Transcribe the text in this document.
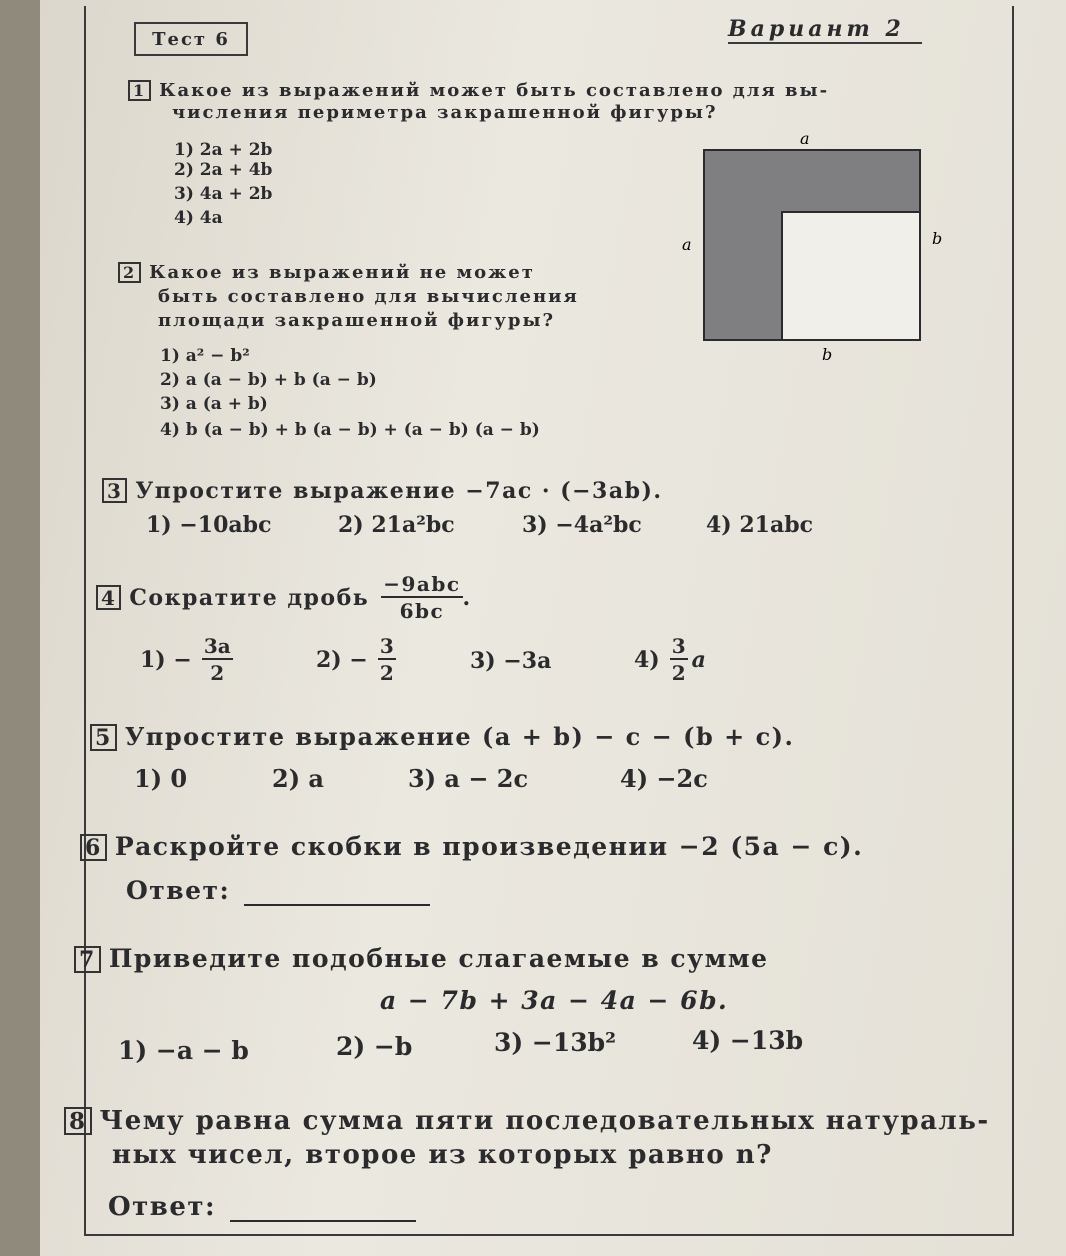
Тест 6	Вариант 2
1 Какое из выражений может быть составлено для вы-
числения периметра закрашенной фигуры?
1) 2a + 2b
2) 2a + 4b
3) 4a + 2b
4) 4a
a
a	b
b
2 Какое из выражений не может
быть составлено для вычисления
площади закрашенной фигуры?
1) a² − b²
2) a (a − b) + b (a − b)
3) a (a + b)
4) b (a − b) + b (a − b) + (a − b) (a − b)
3 Упростите выражение −7ac · (−3ab).
1) −10abc	2) 21a²bc	3) −4a²bc	4) 21abc
4 Сократите дробь $\frac{\text{−9abc}}{6bc}$ .
$1) - \frac{3a}{2}$	$2) - \frac{3}{2}$	3) −3a	$4) \frac{3}{2}$ a
5 Упростите выражение (a + b) − c − (b + c).
1) 0	2) a	3) a − 2c	4) −2c
6 Раскройте скобки в произведении −2 (5a − c).
Ответ:
7 Приведите подобные слагаемые в сумме
a − 7b + 3a − 4a − 6b.
1) −a − b	2) −b	3) −13b²	4) −13b
8 Чему равна сумма пяти последовательных натураль-
ных чисел, второе из которых равно n?
Ответ:
